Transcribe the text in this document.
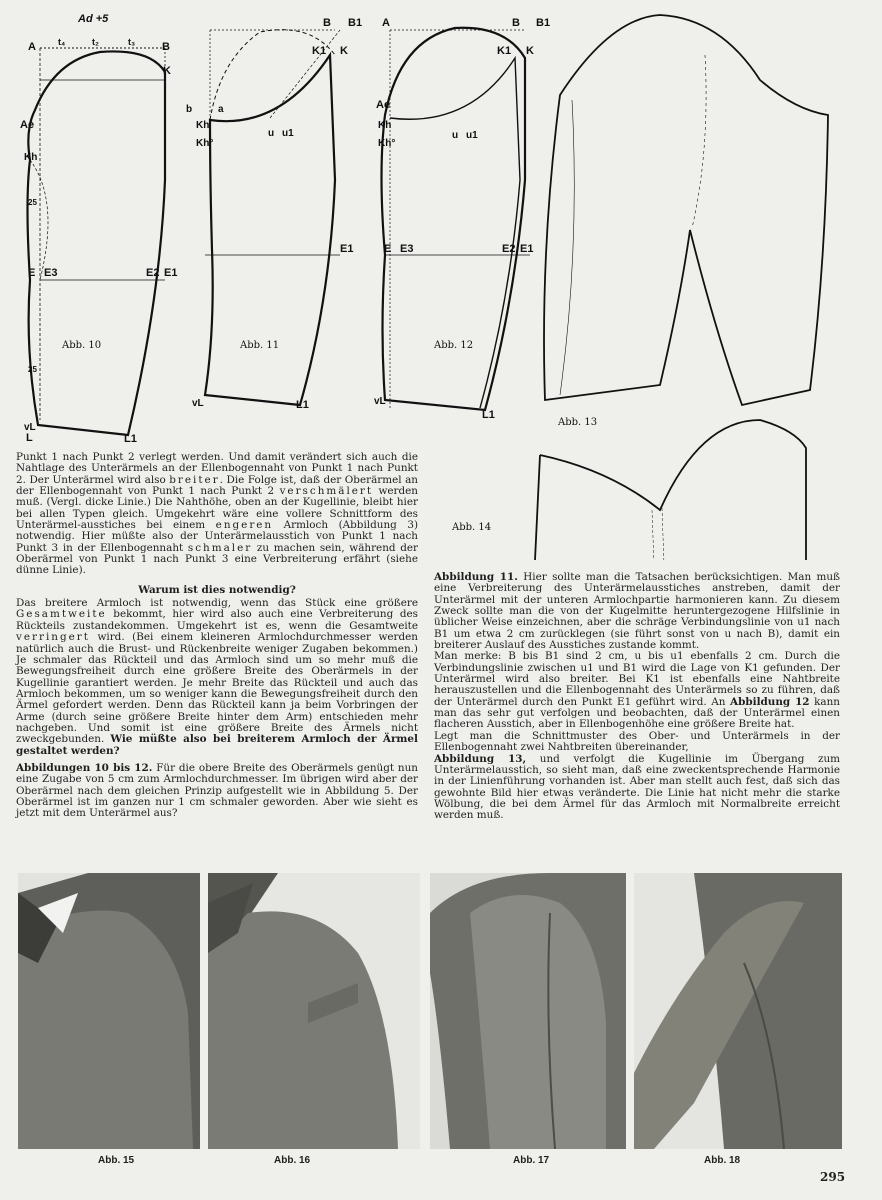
Ad +5
A t₄	t₂	t₃ B
K
Ae
Kh
E E3	E2 E1
25
25
vL
L	L1
Abb. 10
B B1
K1 K
b	a
Kh
Kh°
u u1
E1
vL	L1
Abb. 11
A	B B1
K1 K
Ae
Kh
Kh°
u u1
E E3	E2 E1
vL
L1
Abb. 12
Abb. 13
Abb. 14

Punkt 1 nach Punkt 2 verlegt werden. Und damit verändert sich auch die Nahtlage des Unterärmels an der Ellenbogennaht von Punkt 1 nach Punkt 2. Der Unterärmel wird also breiter. Die Folge ist, daß der Oberärmel an der Ellenbogennaht von Punkt 1 nach Punkt 2 verschmälert werden muß. (Vergl. dicke Linie.) Die Nahthöhe, oben an der Kugellinie, bleibt hier bei allen Typen gleich. Umgekehrt wäre eine vollere Schnittform des Unterärmel-ausstiches bei einem engeren Armloch (Abbildung 3) notwendig. Hier müßte also der Unterärmelausstich von Punkt 1 nach Punkt 3 in der Ellenbogennaht schmaler zu machen sein, während der Oberärmel von Punkt 1 nach Punkt 3 eine Verbreiterung erfährt (siehe dünne Linie).

Warum ist dies notwendig?

Das breitere Armloch ist notwendig, wenn das Stück eine größere Gesamtweite bekommt, hier wird also auch eine Verbreiterung des Rückteils zustandekommen. Umgekehrt ist es, wenn die Gesamtweite verringert wird. (Bei einem kleineren Armlochdurchmesser werden natürlich auch die Brust- und Rückenbreite weniger Zugaben bekommen.) Je schmaler das Rückteil und das Armloch sind um so mehr muß die Bewegungsfreiheit durch eine größere Breite des Oberärmels in der Kugellinie garantiert werden. Je mehr Breite das Rückteil und auch das Armloch bekommen, um so weniger kann die Bewegungsfreiheit durch den Ärmel gefordert werden. Denn das Rückteil kann ja beim Vorbringen der Arme (durch seine größere Breite hinter dem Arm) entschieden mehr nachgeben. Und somit ist eine größere Breite des Ärmels nicht zweckgebunden. Wie müßte also bei breiterem Armloch der Ärmel gestaltet werden?

Abbildungen 10 bis 12. Für die obere Breite des Oberärmels genügt nun eine Zugabe von 5 cm zum Armlochdurchmesser. Im übrigen wird aber der Oberärmel nach dem gleichen Prinzip aufgestellt wie in Abbildung 5. Der Oberärmel ist im ganzen nur 1 cm schmaler geworden. Aber wie sieht es jetzt mit dem Unterärmel aus?

Abbildung 11. Hier sollte man die Tatsachen berücksichtigen. Man muß eine Verbreiterung des Unterärmelausstiches anstreben, damit der Unterärmel mit der unteren Armlochpartie harmonieren kann. Zu diesem Zweck sollte man die von der Kugelmitte heruntergezogene Hilfslinie in üblicher Weise einzeichnen, aber die schräge Verbindungslinie von u1 nach B1 um etwa 2 cm zurücklegen (sie führt sonst von u nach B), damit ein breiterer Auslauf des Ausstiches zustande kommt.

Man merke: B bis B1 sind 2 cm, u bis u1 ebenfalls 2 cm. Durch die Verbindungslinie zwischen u1 und B1 wird die Lage von K1 gefunden. Der Unterärmel wird also breiter. Bei K1 ist ebenfalls eine Nahtbreite herauszustellen und die Ellenbogennaht des Unterärmels so zu führen, daß der Unterärmel durch den Punkt E1 geführt wird. An Abbildung 12 kann man das sehr gut verfolgen und beobachten, daß der Unterärmel einen flacheren Ausstich, aber in Ellenbogenhöhe eine größere Breite hat.

Legt man die Schnittmuster des Ober- und Unterärmels in der Ellenbogennaht zwei Nahtbreiten übereinander,

Abbildung 13, und verfolgt die Kugellinie im Übergang zum Unterärmelausstich, so sieht man, daß eine zweckentsprechende Harmonie in der Linienführung vorhanden ist. Aber man stellt auch fest, daß sich das gewohnte Bild hier etwas veränderte. Die Linie hat nicht mehr die starke Wölbung, die bei dem Ärmel für das Armloch mit Normalbreite erreicht werden muß.

Abb. 15	Abb. 16	Abb. 17	Abb. 18
295
